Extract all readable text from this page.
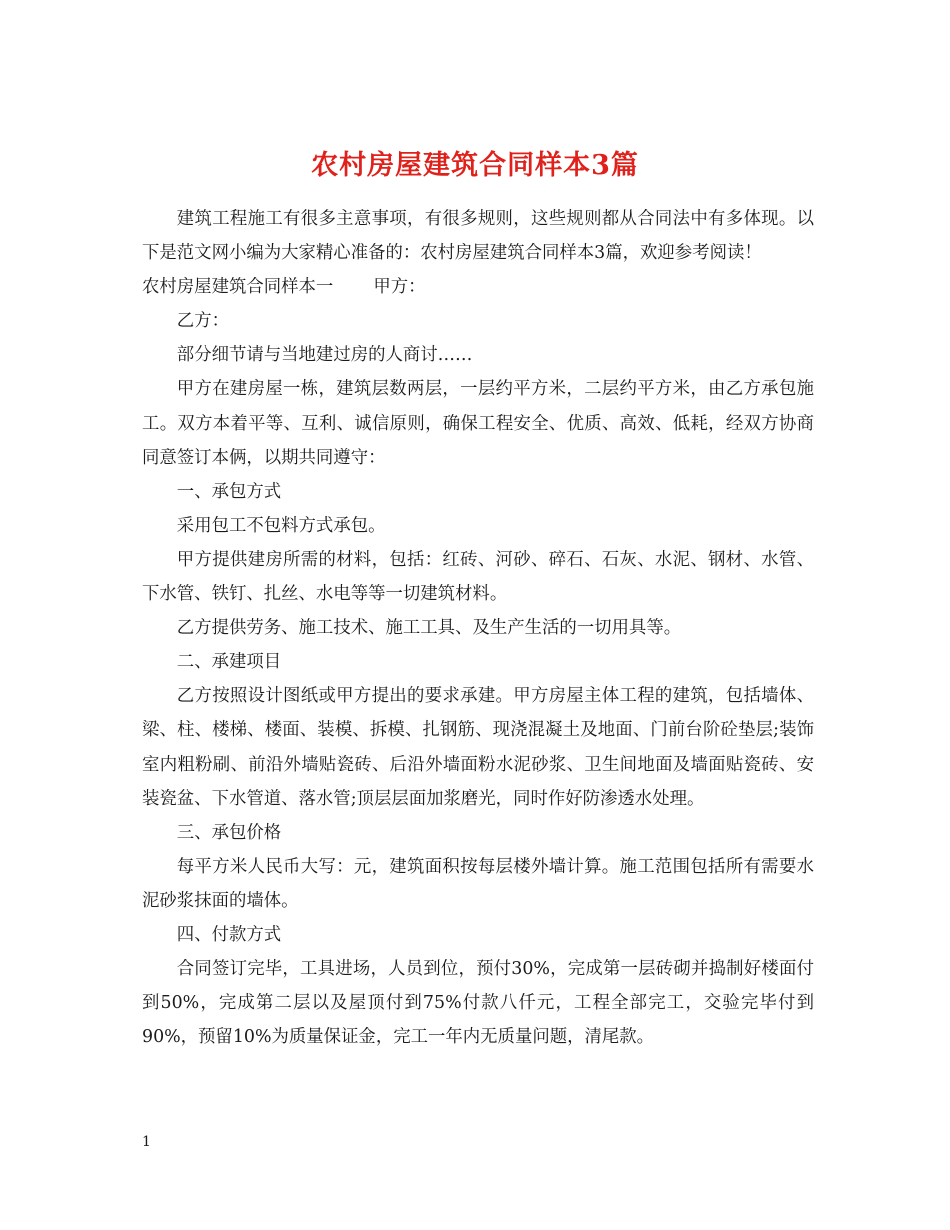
农村房屋建筑合同样本3篇

建筑工程施工有很多主意事项，有很多规则，这些规则都从合同法中有多体现。以下是范文网小编为大家精心准备的：农村房屋建筑合同样本3篇，欢迎参考阅读！

农村房屋建筑合同样本一 甲方：

乙方：

部分细节请与当地建过房的人商讨……

甲方在建房屋一栋，建筑层数两层，一层约平方米，二层约平方米，由乙方承包施工。双方本着平等、互利、诚信原则，确保工程安全、优质、高效、低耗，经双方协商同意签订本俩，以期共同遵守：

一、承包方式

采用包工不包料方式承包。

甲方提供建房所需的材料，包括：红砖、河砂、碎石、石灰、水泥、钢材、水管、下水管、铁钉、扎丝、水电等等一切建筑材料。

乙方提供劳务、施工技术、施工工具、及生产生活的一切用具等。

二、承建项目

乙方按照设计图纸或甲方提出的要求承建。甲方房屋主体工程的建筑，包括墙体、梁、柱、楼梯、楼面、装模、拆模、扎钢筋、现浇混凝土及地面、门前台阶砼垫层;装饰室内粗粉刷、前沿外墙贴瓷砖、后沿外墙面粉水泥砂浆、卫生间地面及墙面贴瓷砖、安装瓷盆、下水管道、落水管;顶层层面加浆磨光，同时作好防渗透水处理。

三、承包价格

每平方米人民币大写：元，建筑面积按每层楼外墙计算。施工范围包括所有需要水泥砂浆抹面的墙体。

四、付款方式

合同签订完毕，工具进场，人员到位，预付30%，完成第一层砖砌并捣制好楼面付到50%，完成第二层以及屋顶付到75%付款八仟元，工程全部完工，交验完毕付到90%，预留10%为质量保证金，完工一年内无质量问题，清尾款。

1
